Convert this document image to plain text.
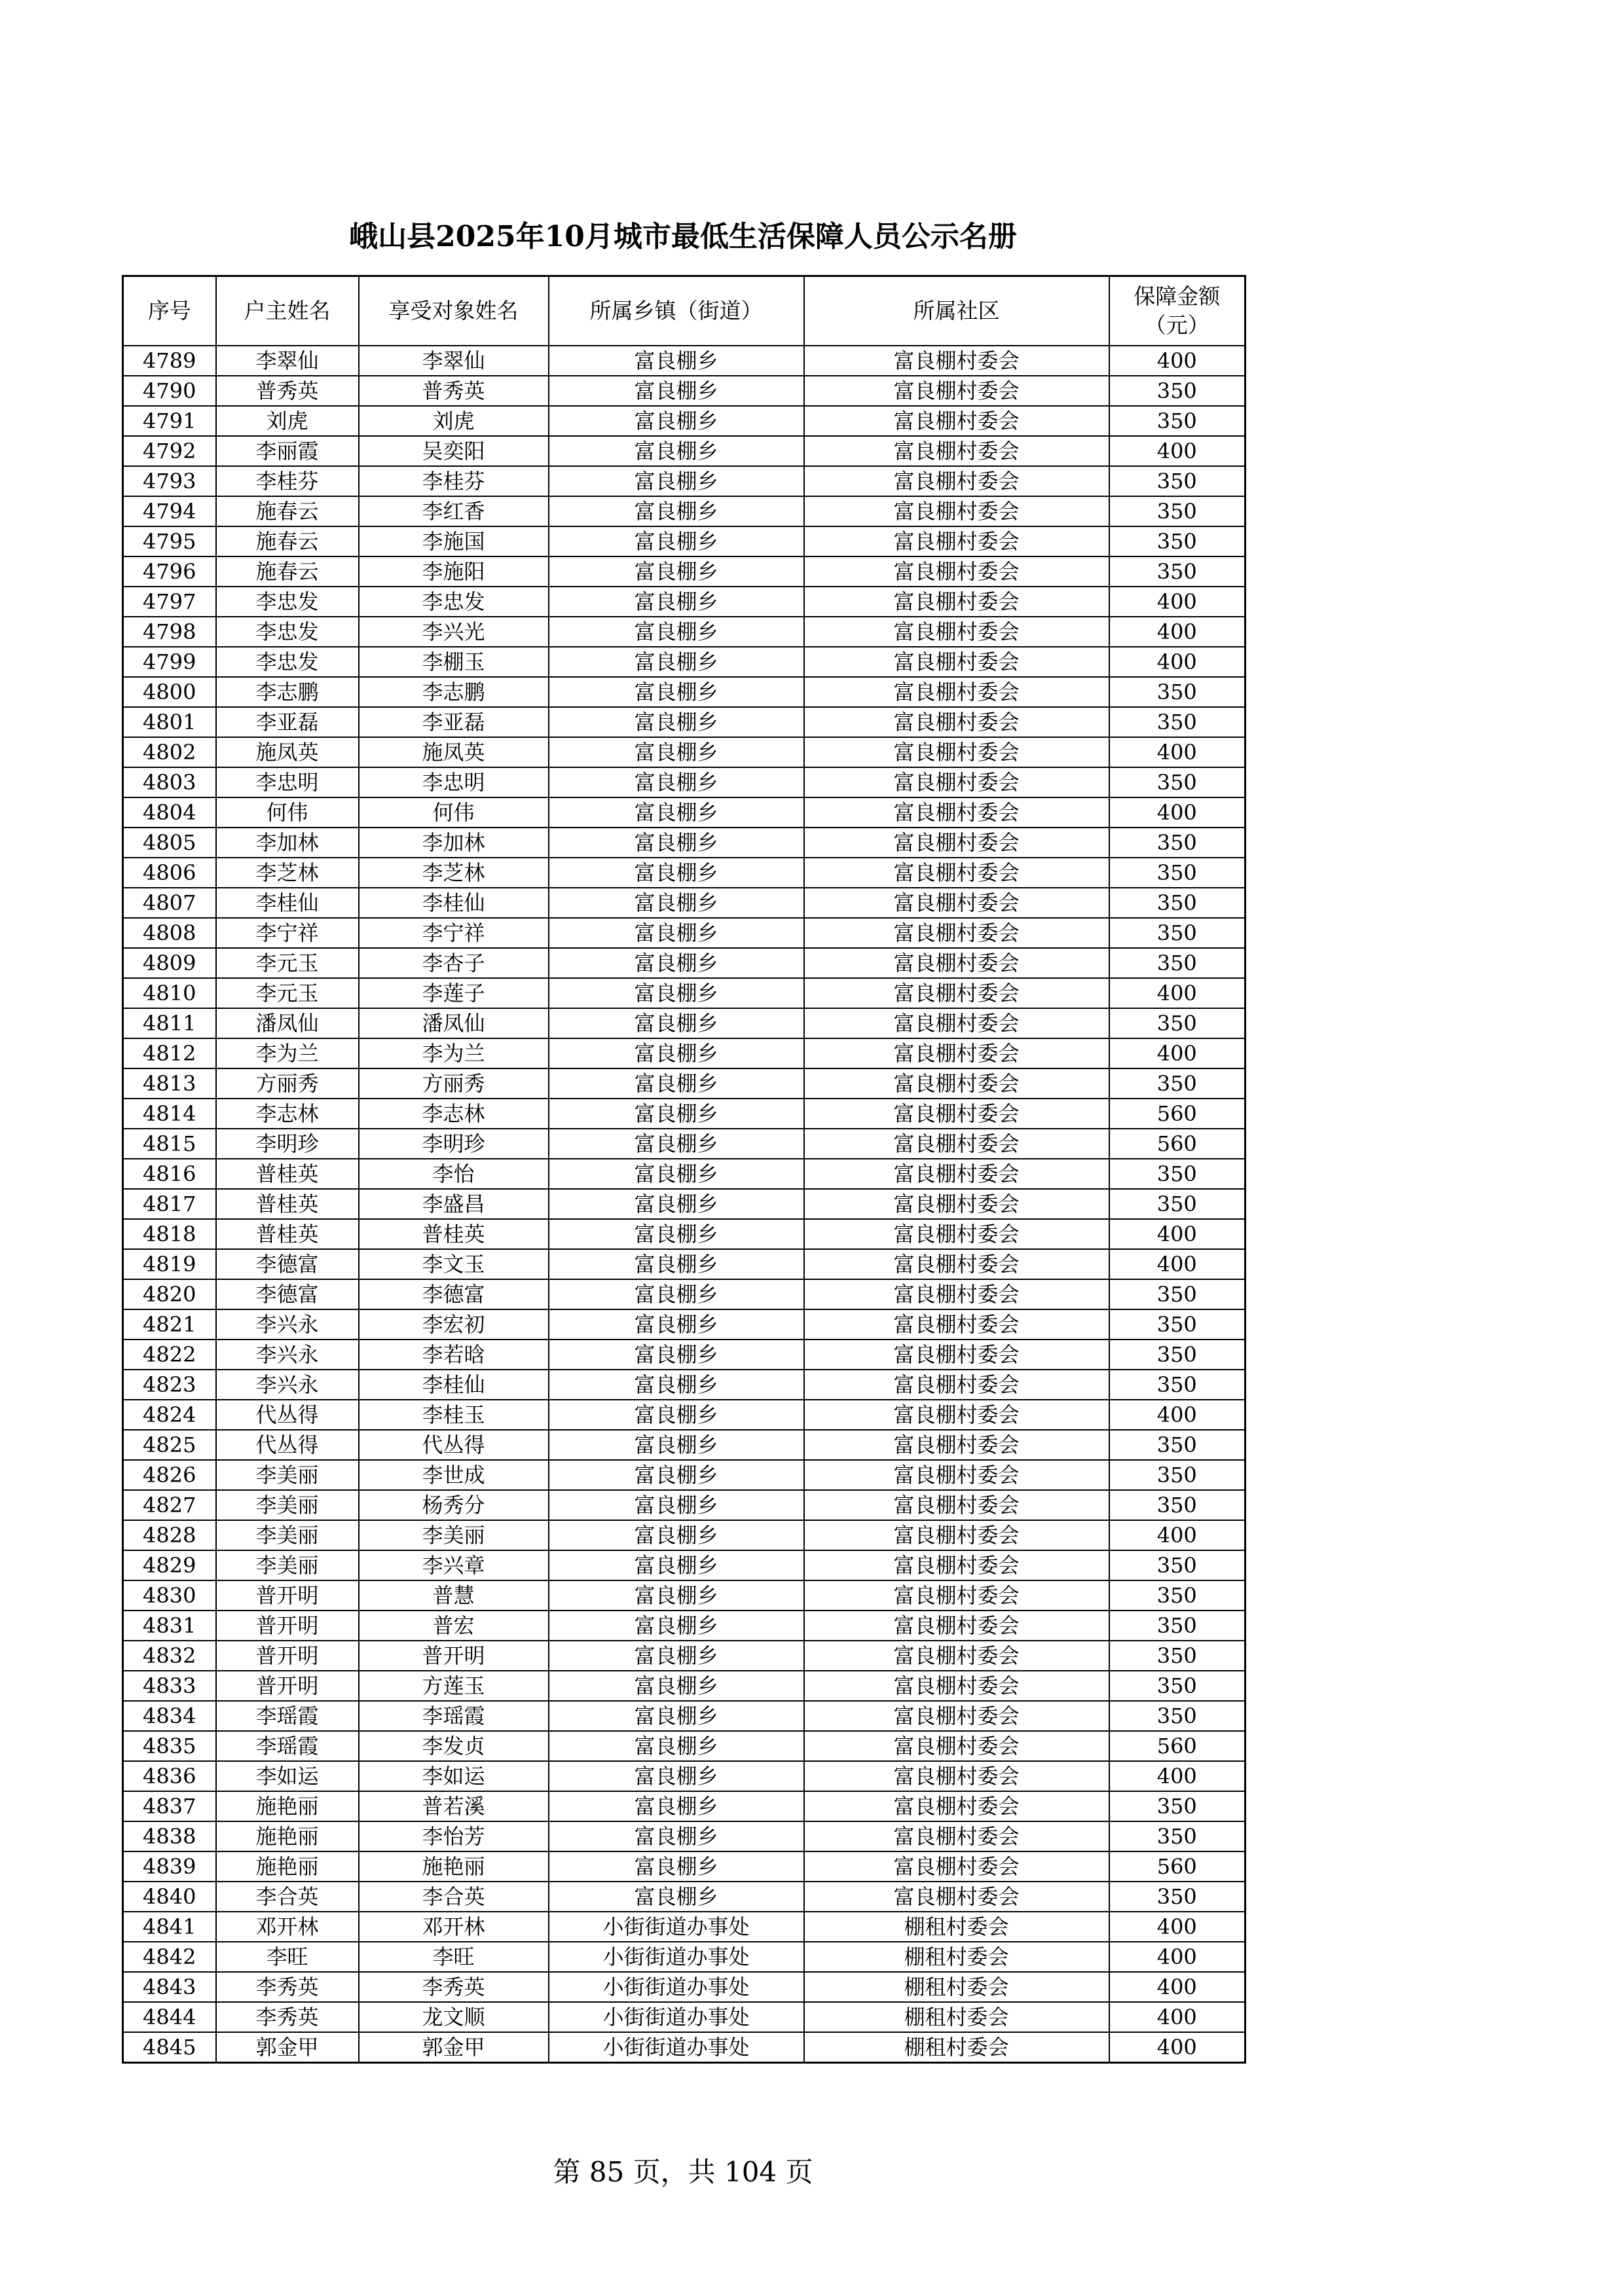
峨山县2025年10月城市最低生活保障人员公示名册
序号	户主姓名	享受对象姓名	所属乡镇（街道）	所属社区	保障金额（元）
4789	李翠仙	李翠仙	富良棚乡	富良棚村委会	400
4790	普秀英	普秀英	富良棚乡	富良棚村委会	350
4791	刘虎	刘虎	富良棚乡	富良棚村委会	350
4792	李丽霞	吴奕阳	富良棚乡	富良棚村委会	400
4793	李桂芬	李桂芬	富良棚乡	富良棚村委会	350
4794	施春云	李红香	富良棚乡	富良棚村委会	350
4795	施春云	李施国	富良棚乡	富良棚村委会	350
4796	施春云	李施阳	富良棚乡	富良棚村委会	350
4797	李忠发	李忠发	富良棚乡	富良棚村委会	400
4798	李忠发	李兴光	富良棚乡	富良棚村委会	400
4799	李忠发	李棚玉	富良棚乡	富良棚村委会	400
4800	李志鹏	李志鹏	富良棚乡	富良棚村委会	350
4801	李亚磊	李亚磊	富良棚乡	富良棚村委会	350
4802	施凤英	施凤英	富良棚乡	富良棚村委会	400
4803	李忠明	李忠明	富良棚乡	富良棚村委会	350
4804	何伟	何伟	富良棚乡	富良棚村委会	400
4805	李加林	李加林	富良棚乡	富良棚村委会	350
4806	李芝林	李芝林	富良棚乡	富良棚村委会	350
4807	李桂仙	李桂仙	富良棚乡	富良棚村委会	350
4808	李宁祥	李宁祥	富良棚乡	富良棚村委会	350
4809	李元玉	李杏子	富良棚乡	富良棚村委会	350
4810	李元玉	李莲子	富良棚乡	富良棚村委会	400
4811	潘凤仙	潘凤仙	富良棚乡	富良棚村委会	350
4812	李为兰	李为兰	富良棚乡	富良棚村委会	400
4813	方丽秀	方丽秀	富良棚乡	富良棚村委会	350
4814	李志林	李志林	富良棚乡	富良棚村委会	560
4815	李明珍	李明珍	富良棚乡	富良棚村委会	560
4816	普桂英	李怡	富良棚乡	富良棚村委会	350
4817	普桂英	李盛昌	富良棚乡	富良棚村委会	350
4818	普桂英	普桂英	富良棚乡	富良棚村委会	400
4819	李德富	李文玉	富良棚乡	富良棚村委会	400
4820	李德富	李德富	富良棚乡	富良棚村委会	350
4821	李兴永	李宏初	富良棚乡	富良棚村委会	350
4822	李兴永	李若晗	富良棚乡	富良棚村委会	350
4823	李兴永	李桂仙	富良棚乡	富良棚村委会	350
4824	代丛得	李桂玉	富良棚乡	富良棚村委会	400
4825	代丛得	代丛得	富良棚乡	富良棚村委会	350
4826	李美丽	李世成	富良棚乡	富良棚村委会	350
4827	李美丽	杨秀分	富良棚乡	富良棚村委会	350
4828	李美丽	李美丽	富良棚乡	富良棚村委会	400
4829	李美丽	李兴章	富良棚乡	富良棚村委会	350
4830	普开明	普慧	富良棚乡	富良棚村委会	350
4831	普开明	普宏	富良棚乡	富良棚村委会	350
4832	普开明	普开明	富良棚乡	富良棚村委会	350
4833	普开明	方莲玉	富良棚乡	富良棚村委会	350
4834	李瑶霞	李瑶霞	富良棚乡	富良棚村委会	350
4835	李瑶霞	李发贞	富良棚乡	富良棚村委会	560
4836	李如运	李如运	富良棚乡	富良棚村委会	400
4837	施艳丽	普若溪	富良棚乡	富良棚村委会	350
4838	施艳丽	李怡芳	富良棚乡	富良棚村委会	350
4839	施艳丽	施艳丽	富良棚乡	富良棚村委会	560
4840	李合英	李合英	富良棚乡	富良棚村委会	350
4841	邓开林	邓开林	小街街道办事处	棚租村委会	400
4842	李旺	李旺	小街街道办事处	棚租村委会	400
4843	李秀英	李秀英	小街街道办事处	棚租村委会	400
4844	李秀英	龙文顺	小街街道办事处	棚租村委会	400
4845	郭金甲	郭金甲	小街街道办事处	棚租村委会	400
第 85 页，共 104 页
